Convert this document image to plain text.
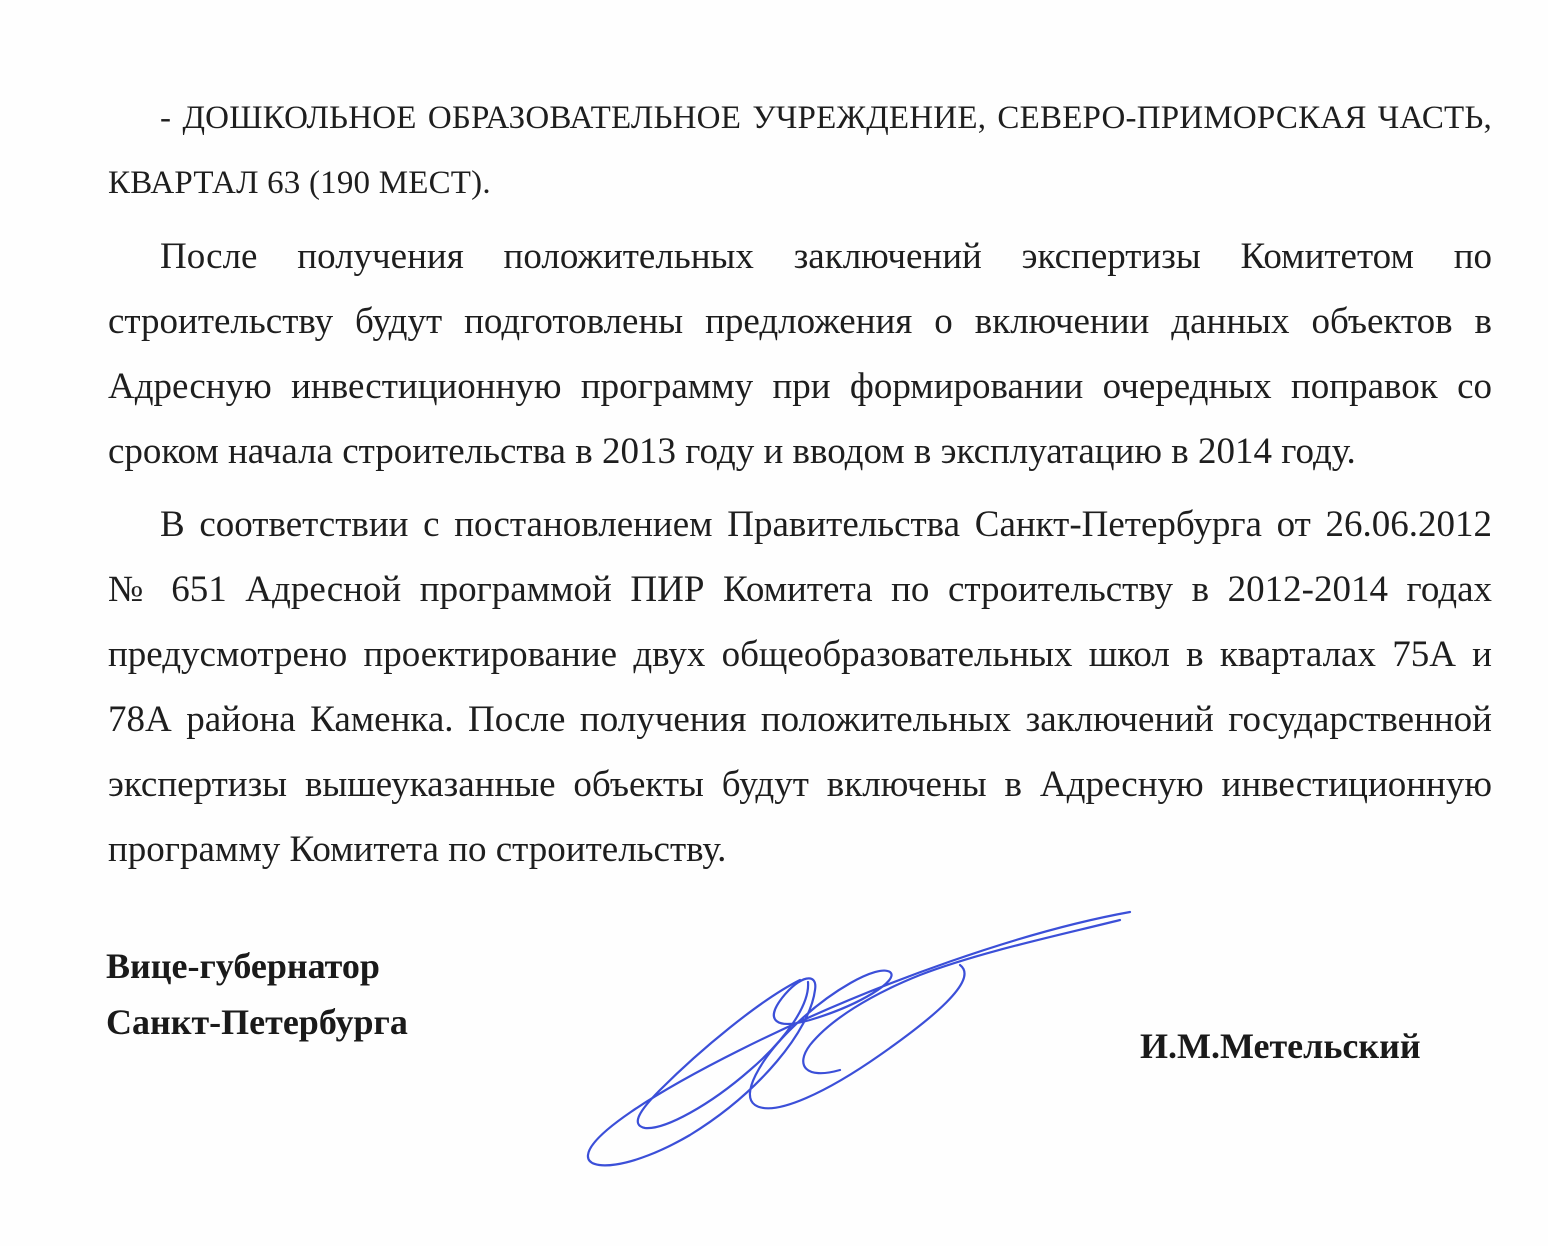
- ДОШКОЛЬНОЕ ОБРАЗОВАТЕЛЬНОЕ УЧРЕЖДЕНИЕ, СЕВЕРО-ПРИМОРСКАЯ ЧАСТЬ, КВАРТАЛ 63 (190 МЕСТ).

После получения положительных заключений экспертизы Комитетом по строительству будут подготовлены предложения о включении данных объектов в Адресную инвестиционную программу при формировании очередных поправок со сроком начала строительства в 2013 году и вводом в эксплуатацию в 2014 году.

В соответствии с постановлением Правительства Санкт-Петербурга от 26.06.2012 № 651 Адресной программой ПИР Комитета по строительству в 2012-2014 годах предусмотрено проектирование двух общеобразовательных школ в кварталах 75А и 78А района Каменка. После получения положительных заключений государственной экспертизы вышеуказанные объекты будут включены в Адресную инвестиционную программу Комитета по строительству.

Вице-губернатор
Санкт-Петербурга
И.М.Метельский
